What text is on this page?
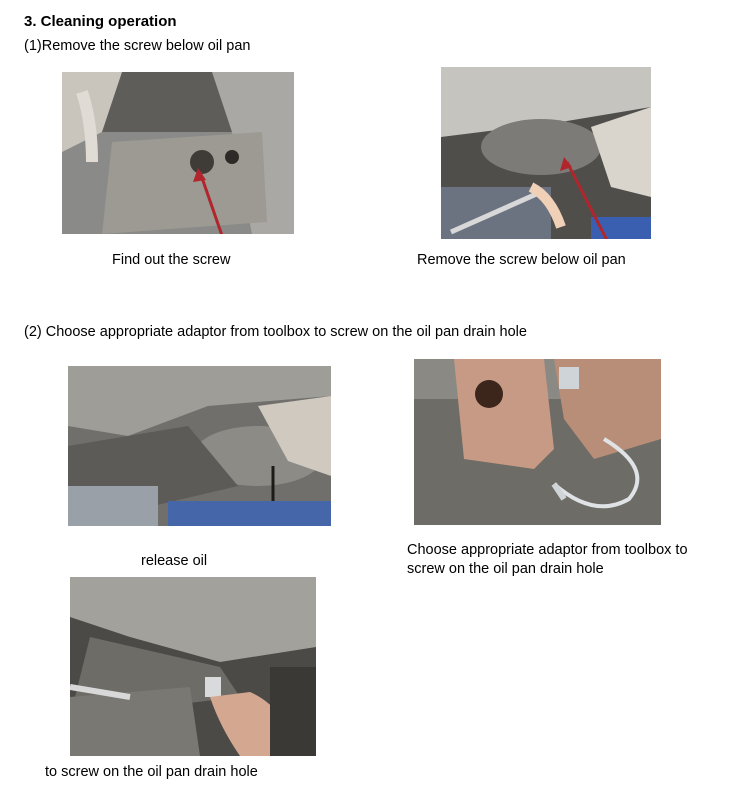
3. Cleaning operation
(1)Remove the screw below oil pan
Find out the screw	Remove the screw below oil pan
(2) Choose appropriate adaptor from toolbox to screw on the oil pan drain hole
release oil
Choose appropriate adaptor from toolbox to
screw on the oil pan drain hole
to screw on the oil pan drain hole
